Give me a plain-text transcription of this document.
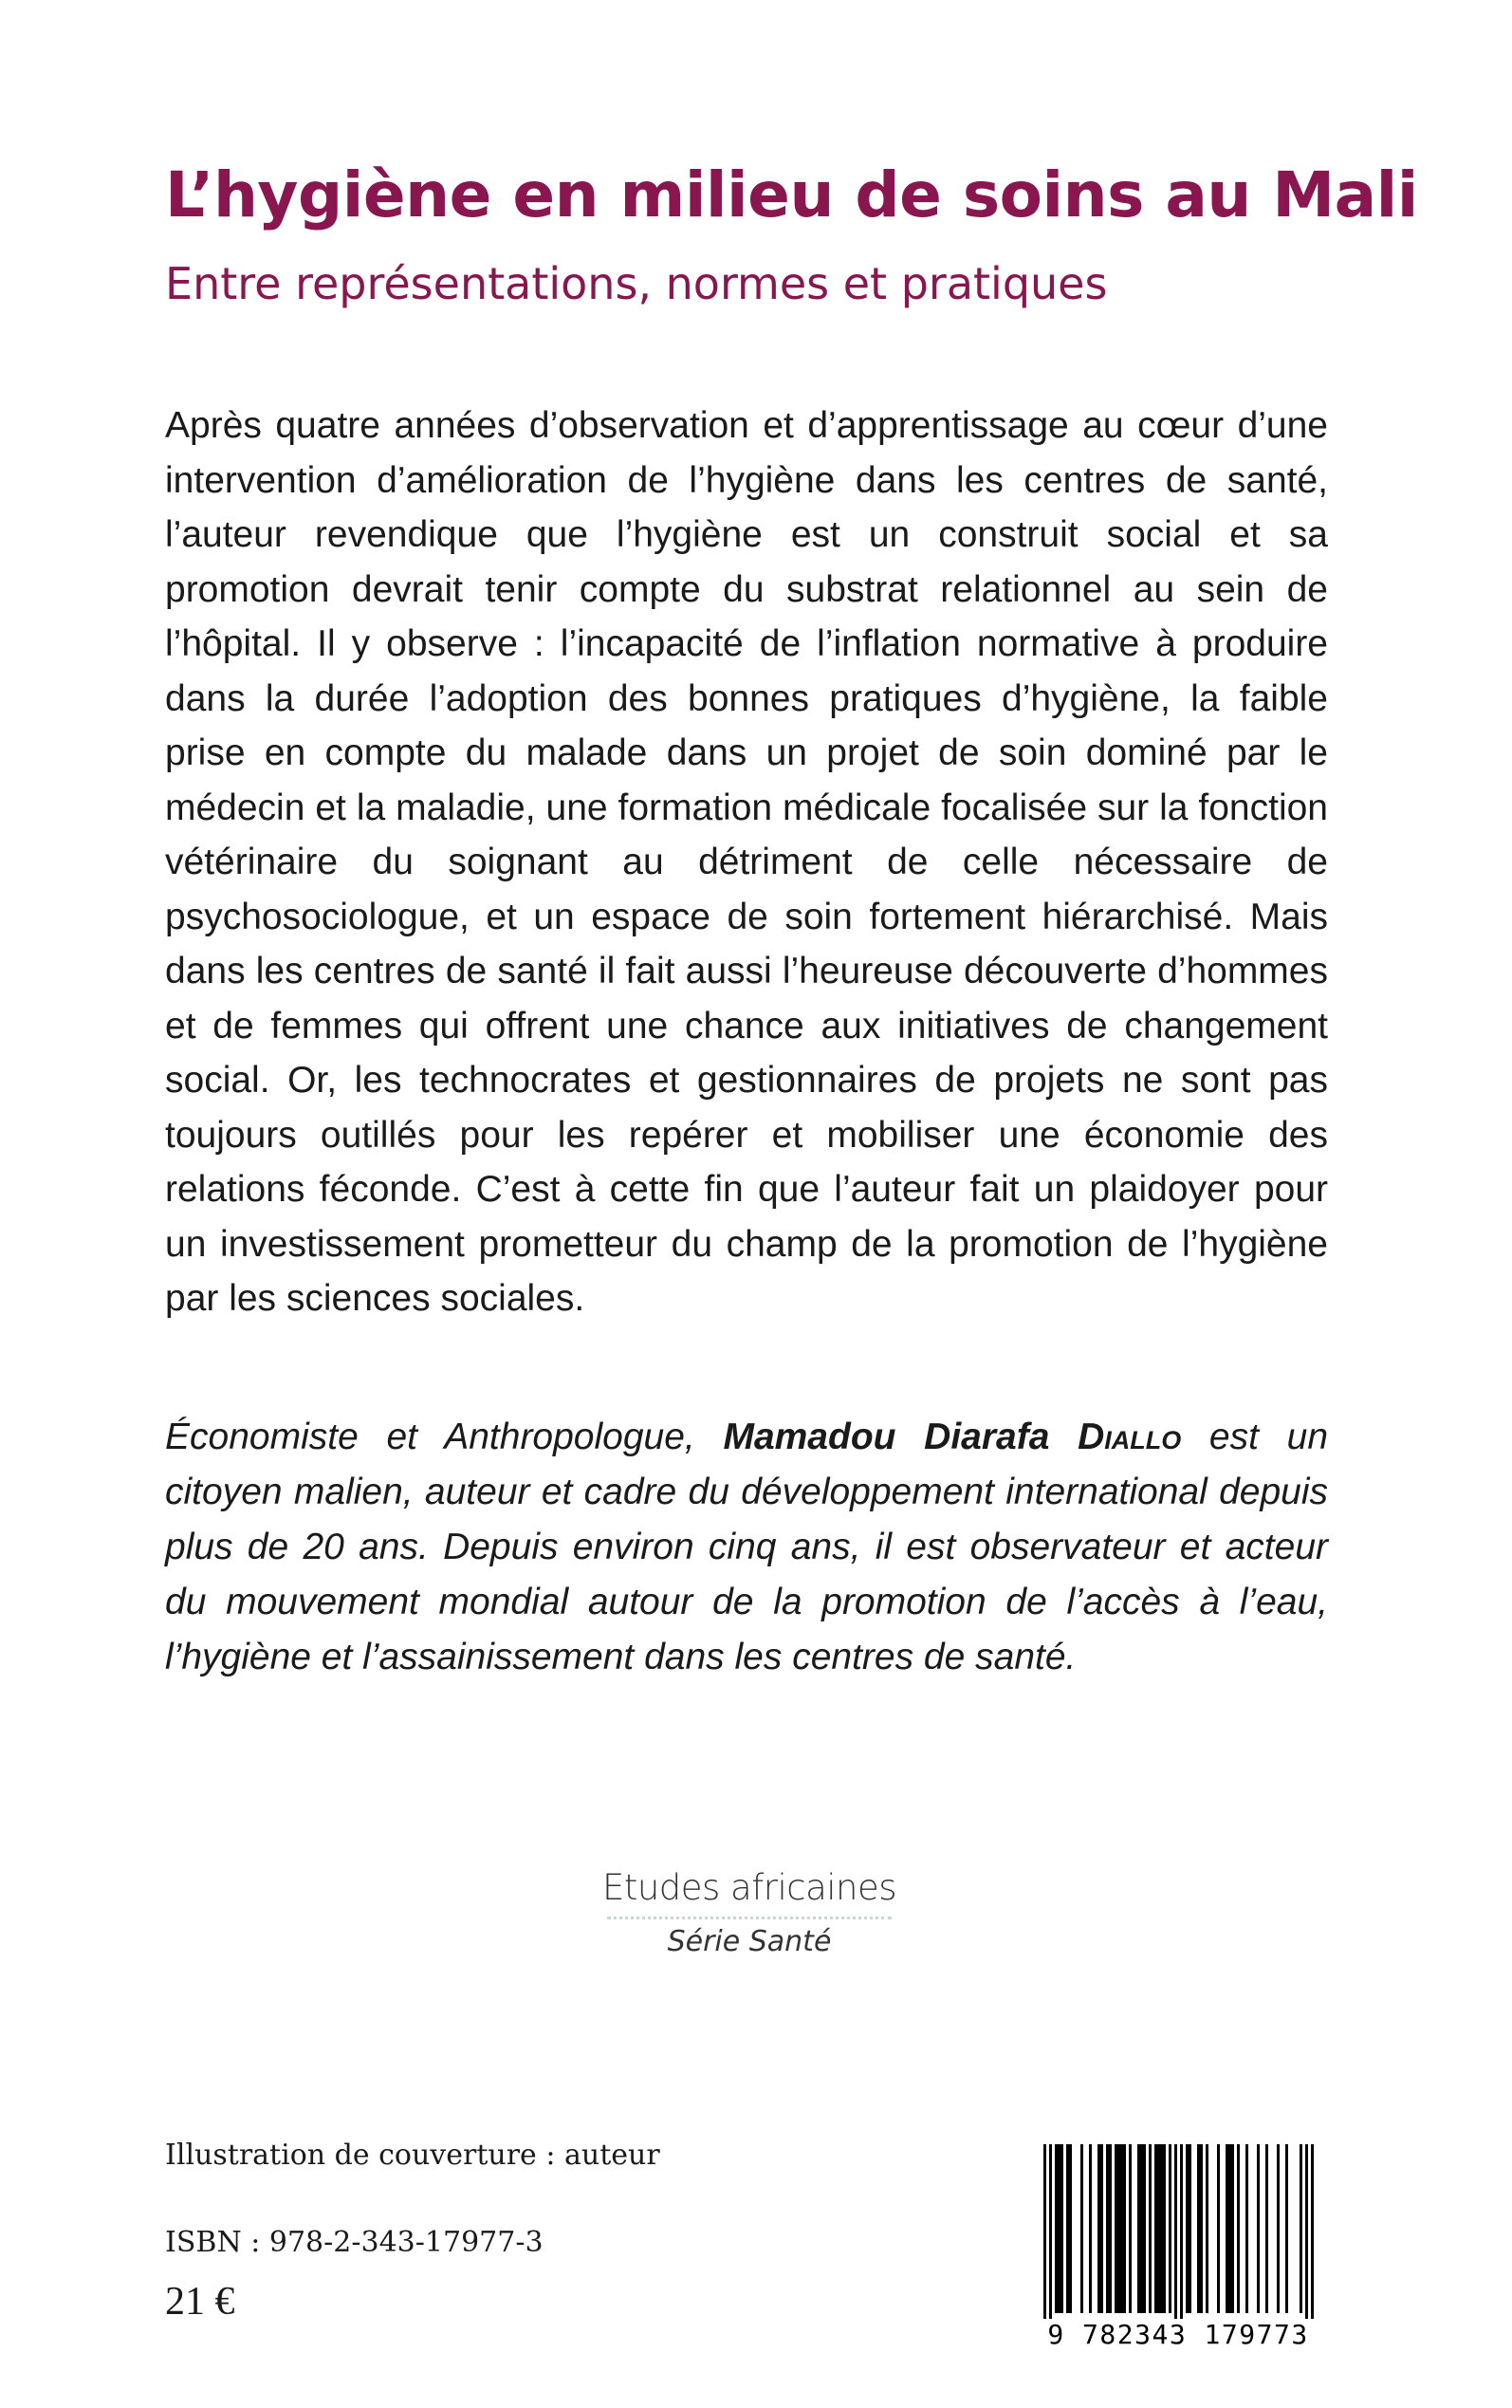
L’hygiène en milieu de soins au Mali
Entre représentations, normes et pratiques
Après quatre années d’observation et d’apprentissage au cœur d’une intervention d’amélioration de l’hygiène dans les centres de santé, l’auteur revendique que l’hygiène est un construit social et sa promotion devrait tenir compte du substrat relationnel au sein de l’hôpital. Il y observe : l’incapacité de l’inflation normative à produire dans la durée l’adoption des bonnes pratiques d’hygiène, la faible prise en compte du malade dans un projet de soin dominé par le médecin et la maladie, une formation médicale focalisée sur la fonction vétérinaire du soignant au détriment de celle nécessaire de psychosociologue, et un espace de soin fortement hiérarchisé. Mais dans les centres de santé il fait aussi l’heureuse découverte d’hommes et de femmes qui offrent une chance aux initiatives de changement social. Or, les technocrates et gestionnaires de projets ne sont pas toujours outillés pour les repérer et mobiliser une économie des relations féconde. C’est à cette fin que l’auteur fait un plaidoyer pour un investissement prometteur du champ de la promotion de l’hygiène par les sciences sociales.
Économiste et Anthropologue, Mamadou Diarafa Diallo est un citoyen malien, auteur et cadre du développement international depuis plus de 20 ans. Depuis environ cinq ans, il est observateur et acteur du mouvement mondial autour de la promotion de l’accès à l’eau, l’hygiène et l’assainissement dans les centres de santé.
Etudes africaines
Série Santé
Illustration de couverture : auteur
ISBN : 978-2-343-17977-3
21 €
9 782343 179773
